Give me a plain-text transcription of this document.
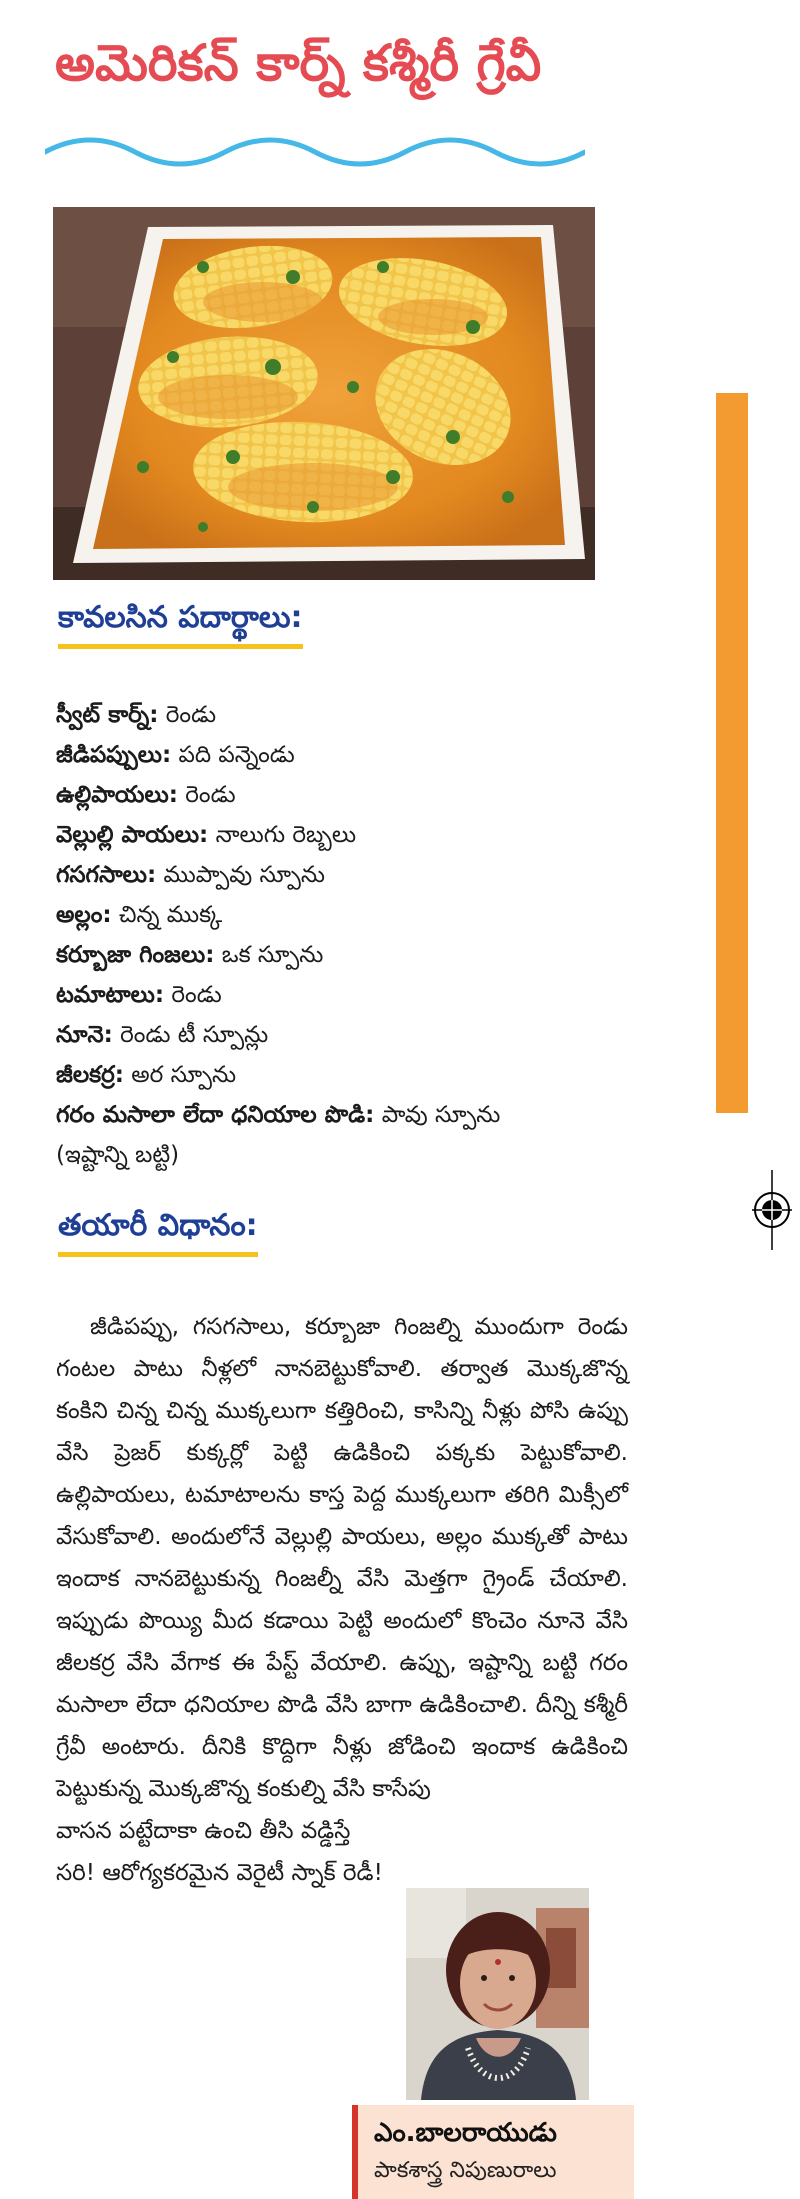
అమెరికన్ కార్న్ కశ్మీరీ గ్రేవీ
కావలసిన పదార్థాలు:
స్వీట్ కార్న్: రెండు
జీడిపప్పులు: పది పన్నెండు
ఉల్లిపాయలు: రెండు
వెల్లుల్లి పాయలు: నాలుగు రెబ్బలు
గసగసాలు: ముప్పావు స్పూను
అల్లం: చిన్న ముక్క
కర్బూజా గింజలు: ఒక స్పూను
టమాటాలు: రెండు
నూనె: రెండు టీ స్పూన్లు
జీలకర్ర: అర స్పూను
గరం మసాలా లేదా ధనియాల పొడి: పావు స్పూను
(ఇష్టాన్ని బట్టి)
తయారీ విధానం:

జీడిపప్పు, గసగసాలు, కర్బూజా గింజల్ని ముందుగా రెండు గంటల పాటు నీళ్లలో నానబెట్టుకోవాలి. తర్వాత మొక్కజొన్న కంకిని చిన్న చిన్న ముక్కలుగా కత్తిరించి, కాసిన్ని నీళ్లు పోసి ఉప్పు వేసి ప్రెజర్ కుక్కర్లో పెట్టి ఉడికించి పక్కకు పెట్టుకోవాలి. ఉల్లిపాయలు, టమాటాలను కాస్త పెద్ద ముక్కలుగా తరిగి మిక్సీలో వేసుకోవాలి. అందులోనే వెల్లుల్లి పాయలు, అల్లం ముక్కతో పాటు ఇందాక నానబెట్టుకున్న గింజల్నీ వేసి మెత్తగా గ్రైండ్ చేయాలి. ఇప్పుడు పొయ్యి మీద కడాయి పెట్టి అందులో కొంచెం నూనె వేసి జీలకర్ర వేసి వేగాక ఈ పేస్ట్ వేయాలి. ఉప్పు, ఇష్టాన్ని బట్టి గరం మసాలా లేదా ధనియాల పొడి వేసి బాగా ఉడికించాలి. దీన్ని కశ్మీరీ గ్రేవీ అంటారు. దీనికి కొద్దిగా నీళ్లు జోడించి ఇందాక ఉడికించి పెట్టుకున్న మొక్కజొన్న కంకుల్ని వేసి కాసేపు

వాసన పట్టేదాకా ఉంచి తీసి వడ్డిస్తే సరి! ఆరోగ్యకరమైన వెరైటీ స్నాక్ రెడీ!

ఎం.బాలరాయుడు
పాకశాస్త్ర నిపుణురాలు
